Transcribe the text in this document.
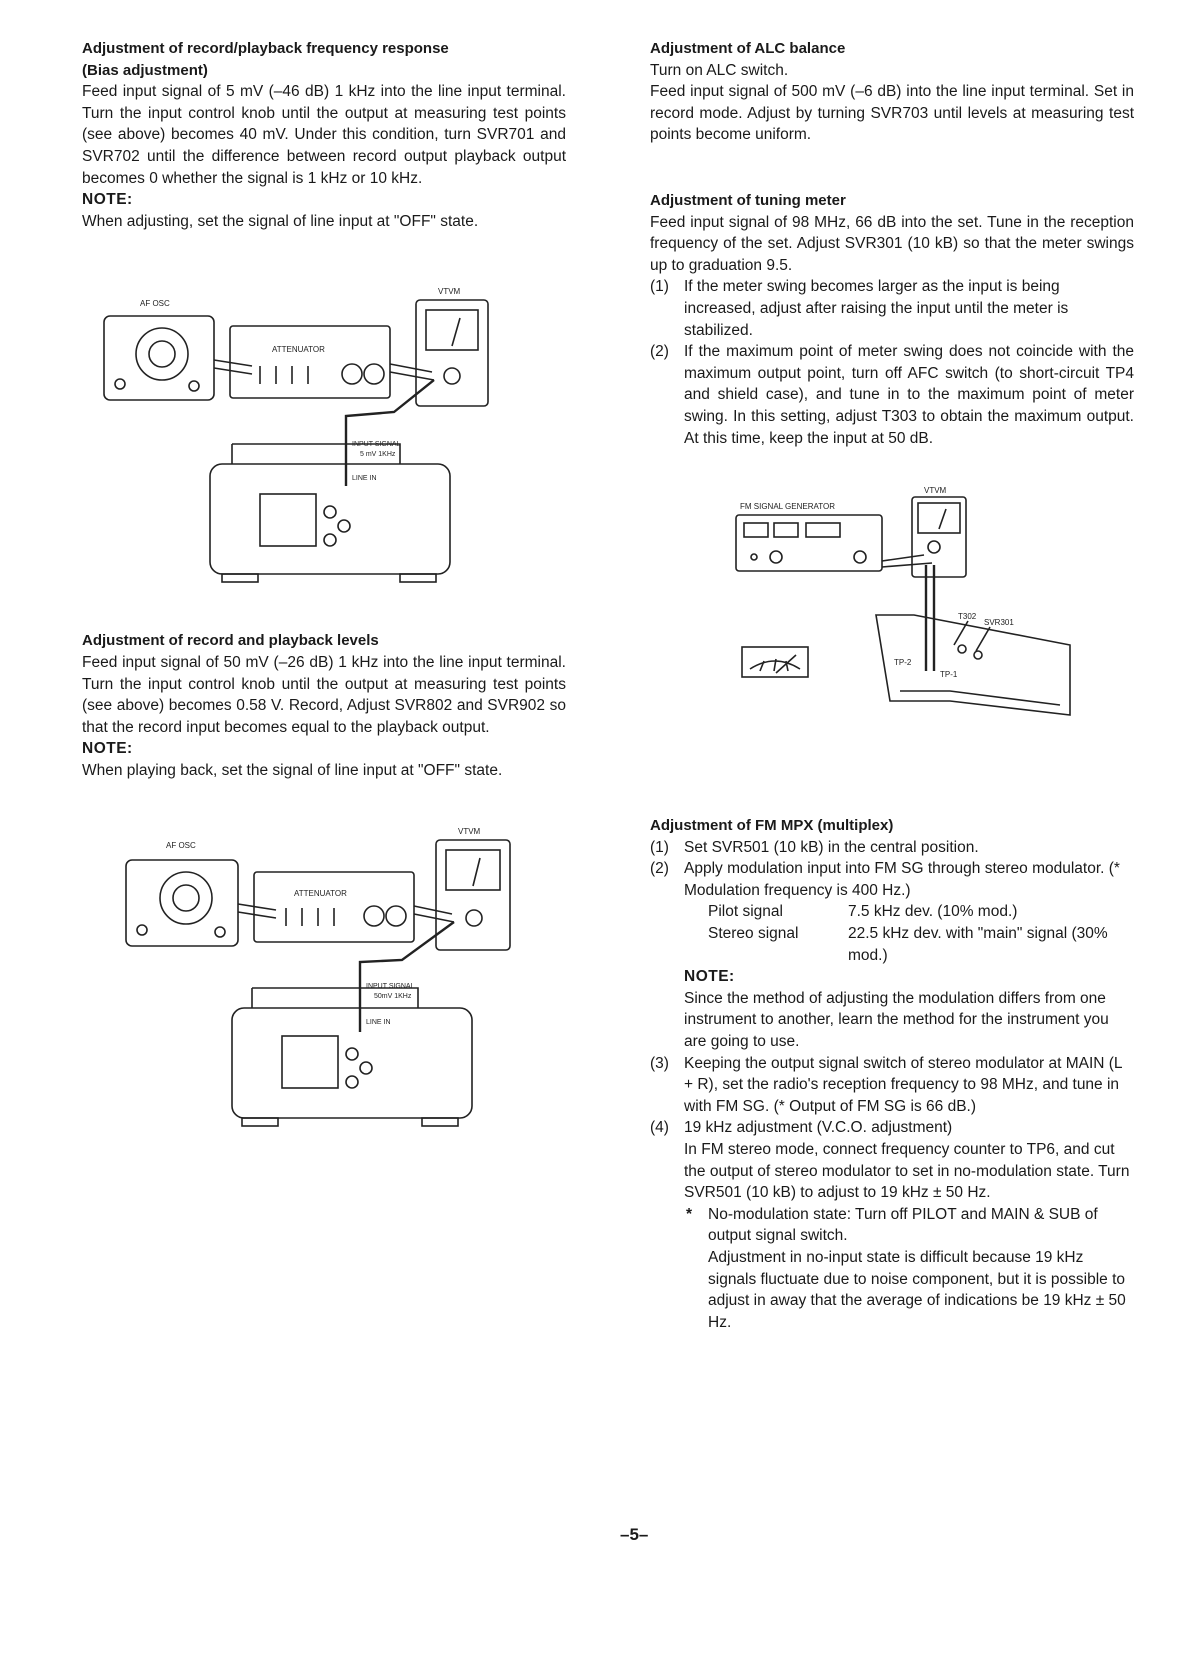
Adjustment of record/playback frequency response

(Bias adjustment)

Feed input signal of 5 mV (–46 dB) 1 kHz into the line input terminal. Turn the input control knob until the output at measuring test points (see above) becomes 40 mV. Under this condition, turn SVR701 and SVR702 until the difference between record output playback output becomes 0 whether the signal is 1 kHz or 10 kHz.

NOTE:

When adjusting, set the signal of line input at "OFF" state.

AF OSC
ATTENUATOR
VTVM
INPUT SIGNAL
5 mV 1KHz
LINE IN

Adjustment of record and playback levels

Feed input signal of 50 mV (–26 dB) 1 kHz into the line input terminal. Turn the input control knob until the output at measuring test points (see above) becomes 0.58 V. Record, Adjust SVR802 and SVR902 so that the record input becomes equal to the playback output.

NOTE:

When playing back, set the signal of line input at "OFF" state.

AF OSC
ATTENUATOR
VTVM
INPUT SIGNAL
50mV 1KHz
LINE IN

Adjustment of ALC balance

Turn on ALC switch.

Feed input signal of 500 mV (–6 dB) into the line input terminal. Set in record mode. Adjust by turning SVR703 until levels at measuring test points become uniform.

Adjustment of tuning meter

Feed input signal of 98 MHz, 66 dB into the set. Tune in the reception frequency of the set. Adjust SVR301 (10 kB) so that the meter swings up to graduation 9.5.

(1) If the meter swing becomes larger as the input is being increased, adjust after raising the input until the meter is stabilized.
(2) If the maximum point of meter swing does not coincide with the maximum output point, turn off AFC switch (to short-circuit TP4 and shield case), and tune in to the maximum point of meter swing. In this setting, adjust T303 to obtain the maximum output. At this time, keep the input at 50 dB.
FM SIGNAL GENERATOR
VTVM
T302
SVR301
TP-2
TP-1

Adjustment of FM MPX (multiplex)

(1) Set SVR501 (10 kB) in the central position.
(2) Apply modulation input into FM SG through stereo modulator. (* Modulation frequency is 400 Hz.)
Pilot signal	7.5 kHz dev. (10% mod.)
Stereo signal	22.5 kHz dev. with "main" signal (30% mod.)
NOTE:
Since the method of adjusting the modulation differs from one instrument to another, learn the method for the instrument you are going to use.
(3) Keeping the output signal switch of stereo modulator at MAIN (L + R), set the radio's reception frequency to 98 MHz, and tune in with FM SG. (* Output of FM SG is 66 dB.)
(4) 19 kHz adjustment (V.C.O. adjustment)
In FM stereo mode, connect frequency counter to TP6, and cut the output of stereo modulator to set in no-modulation state. Turn SVR501 (10 kB) to adjust to 19 kHz ± 50 Hz.
*	No-modulation state: Turn off PILOT and MAIN & SUB of output signal switch.
Adjustment in no-input state is difficult because 19 kHz signals fluctuate due to noise component, but it is possible to adjust in away that the average of indications be 19 kHz ± 50 Hz.
–5–
